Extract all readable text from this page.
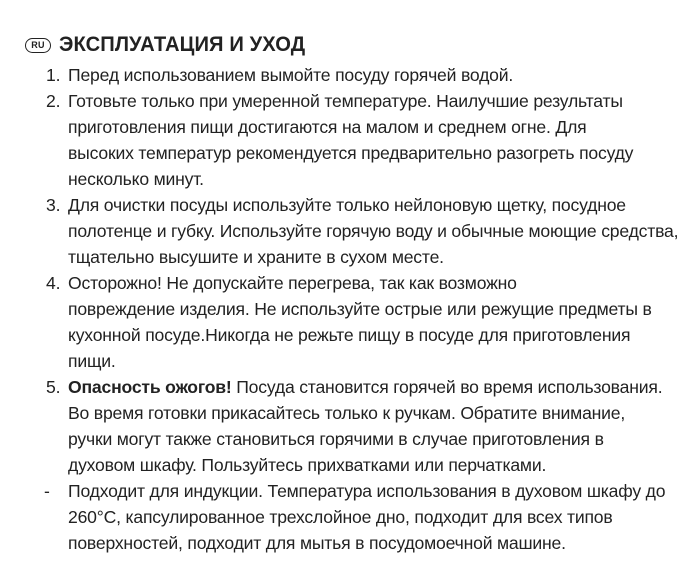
RU ЭКСПЛУАТАЦИЯ И УХОД
1. Перед использованием вымойте посуду горячей водой.
2. Готовьте только при умеренной температуре. Наилучшие результаты
приготовления пищи достигаются на малом и среднем огне. Для
высоких температур рекомендуется предварительно разогреть посуду
несколько минут.
3. Для очистки посуды используйте только нейлоновую щетку, посудное
полотенце и губку. Используйте горячую воду и обычные моющие средства,
тщательно высушите и храните в сухом месте.
4. Осторожно! Не допускайте перегрева, так как возможно
повреждение изделия. Не используйте острые или режущие предметы в
кухонной посуде.Никогда не режьте пищу в посуде для приготовления
пищи.
5. Опасность ожогов! Посуда становится горячей во время использования.
Во время готовки прикасайтесь только к ручкам. Обратите внимание,
ручки могут также становиться горячими в случае приготовления в
духовом шкафу. Пользуйтесь прихватками или перчатками.
- Подходит для индукции. Температура использования в духовом шкафу до
260°C, капсулированное трехслойное дно, подходит для всех типов
поверхностей, подходит для мытья в посудомоечной машине.
